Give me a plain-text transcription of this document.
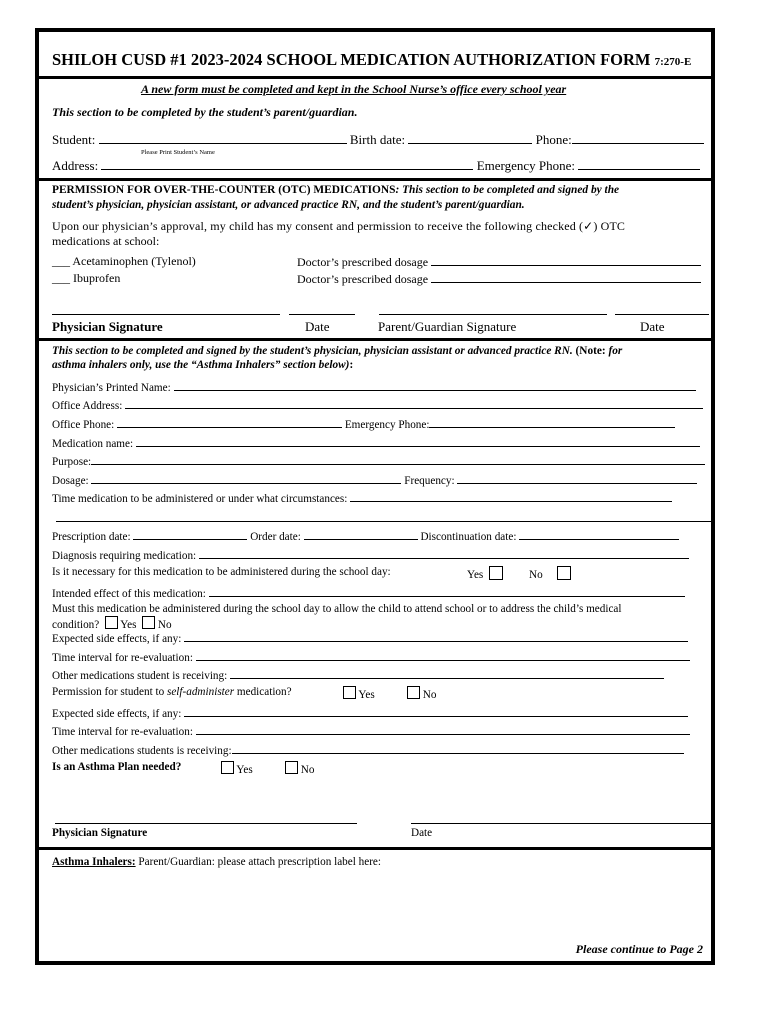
SHILOH CUSD #1 2023-2024 SCHOOL MEDICATION AUTHORIZATION FORM 7:270-E
A new form must be completed and kept in the School Nurse’s office every school year
This section to be completed by the student’s parent/guardian.
Student:	Birth date:	Phone:
Please Print Student’s Name
Address:	Emergency Phone:
PERMISSION FOR OVER-THE-COUNTER (OTC) MEDICATIONS: This section to be completed and signed by the
student’s physician, physician assistant, or advanced practice RN, and the student’s parent/guardian.
Upon our physician’s approval, my child has my consent and permission to receive the following checked (✓) OTC
medications at school:
___ Acetaminophen (Tylenol)	Doctor’s prescribed dosage
___ Ibuprofen	Doctor’s prescribed dosage
Physician Signature	Date	Parent/Guardian Signature	Date
This section to be completed and signed by the student’s physician, physician assistant or advanced practice RN. (Note: for
asthma inhalers only, use the “Asthma Inhalers” section below):
Physician’s Printed Name:
Office Address:
Office Phone:	Emergency Phone:
Medication name:
Purpose:
Dosage:	Frequency:
Time medication to be administered or under what circumstances:
Prescription date:	Order date:	Discontinuation date:
Diagnosis requiring medication:
Is it necessary for this medication to be administered during the school day:	Yes	No
Intended effect of this medication:
Must this medication be administered during the school day to allow the child to attend school or to address the child’s medical
condition? Yes No
Expected side effects, if any:
Time interval for re-evaluation:
Other medications student is receiving:
Permission for student to self-administer medication?	Yes	No
Expected side effects, if any:
Time interval for re-evaluation:
Other medications students is receiving:
Is an Asthma Plan needed?	Yes	No
Physician Signature	Date
Asthma Inhalers: Parent/Guardian: please attach prescription label here:
Please continue to Page 2
